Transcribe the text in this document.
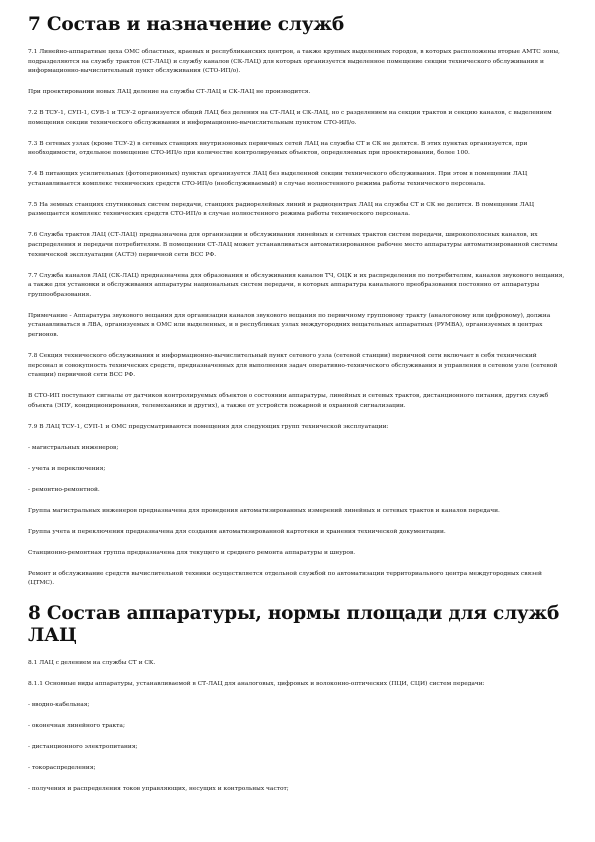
7 Состав и назначение служб

7.1 Линейно-аппаратные цеха ОМС областных, краевых и республиканских центров, а также крупных выделенных городов, в которых расположены вторые АМТС зоны, подразделяются на службу трактов (СТ-ЛАЦ) и службу каналов (СК-ЛАЦ) для которых организуется выделенное помещение секции технического обслуживания и информационно-вычислительный пункт обслуживания (СТО-ИП/о).

При проектировании новых ЛАЦ деление на службы СТ-ЛАЦ и СК-ЛАЦ не производится.

7.2 В ТСУ-1, СУП-1, СУВ-1 и ТСУ-2 организуется общий ЛАЦ без деления на СТ-ЛАЦ и СК-ЛАЦ, но с разделением на секции трактов и секцию каналов, с выделением помещения секции технического обслуживания и информационно-вычислительным пунктом СТО-ИП/о.

7.3 В сетевых узлах (кроме ТСУ-2) в сетевых станциях внутризоновых первичных сетей ЛАЦ на службы СТ и СК не делятся. В этих пунктах организуется, при необходимости, отдельное помещение СТО-ИП/о при количестве контролируемых объектов, определяемых при проектировании, более 100.

7.4 В питающих усилительных (фотоперионных) пунктах организуется ЛАЦ без выделенной секции технического обслуживания. При этом в помещении ЛАЦ устанавливается комплекс технических средств СТО-ИП/о (необслуживаемый) в случае нолностенного режима работы технического персонала.

7.5 На земных станциях спутниковых систем передачи, станциях радиорелейных линий и радиоцентрах ЛАЦ на службы СТ и СК не делится. В помещении ЛАЦ размещается комплекс технических средств СТО-ИП/о в случае нолностенного режима работы технического персонала.

7.6 Служба трактов ЛАЦ (СТ-ЛАЦ) предназначена для организации и обслуживания линейных и сетевых трактов систем передачи, широкополосных каналов, их распределения и передачи потребителям. В помещении СТ-ЛАЦ может устанавливаться автоматизированное рабочее место аппаратуры автоматизированной системы технической эксплуатации (АСТЭ) первичной сети ВСС РФ.

7.7 Служба каналов ЛАЦ (СК-ЛАЦ) предназначена для образования и обслуживания каналов ТЧ, ОЦК и их распределения по потребителям, каналов звукового вещания, а также для установки и обслуживания аппаратуры национальных систем передачи, в которых аппаратура канального преобразования постоянно от аппаратуры группообразования.

Примечание - Аппаратура звукового вещания для организации каналов звукового вещания по первичному групповому тракту (аналоговому или цифровому), должна устанавливаться в ЛВА, организуемых в ОМС или выделенных, и в республиках узлах междугородних вещательных аппаратных (РУМВА), организуемых в центрах регионов.

7.8 Секция технического обслуживания и информационно-вычислительный пункт сетевого узла (сетевой станции) первичной сети включает в себя технический персонал и совокупность технических средств, предназначенных для выполнения задач оперативно-технического обслуживания и управления в сетевом узле (сетевой станции) первичной сети ВСС РФ.

В СТО-ИП поступают сигналы от датчиков контролируемых объектов о состоянии аппаратуры, линейных и сетевых трактов, дистанционного питания, других служб объекта (ЭПУ, кондиционирования, телемеханики и других), а также от устройств пожарной и охранной сигнализации.

7.9 В ЛАЦ ТСУ-1, СУП-1 и ОМС предусматриваются помещения для следующих групп технической эксплуатации:

- магистральных инженеров;

- учета и переключения;

- ремонтно-ремонтной.

Группа магистральных инженеров предназначена для проведения автоматизированных измерений линейных и сетевых трактов и каналов передачи.

Группа учета и переключения предназначена для создания автоматизированной картотеки и хранения технической документации.

Станционно-ремонтная группа предназначена для текущего и среднего ремонта аппаратуры и шнуров.

Ремонт и обслуживание средств вычислительной техники осуществляется отдельной службой по автоматизации территориального центра междугородных связей (ЦТМС).

8 Состав аппаратуры, нормы площади для служб ЛАЦ

8.1 ЛАЦ с делением на службы СТ и СК.

8.1.1 Основные виды аппаратуры, устанавливаемой в СТ-ЛАЦ для аналоговых, цифровых и волоконно-оптических (ПЦИ, СЦИ) систем передачи:

- вводно-кабельная;

- оконечная линейного тракта;

- дистанционного электропитания;

- токораспределения;

- получения и распределения токов управляющих, несущих и контрольных частот;
